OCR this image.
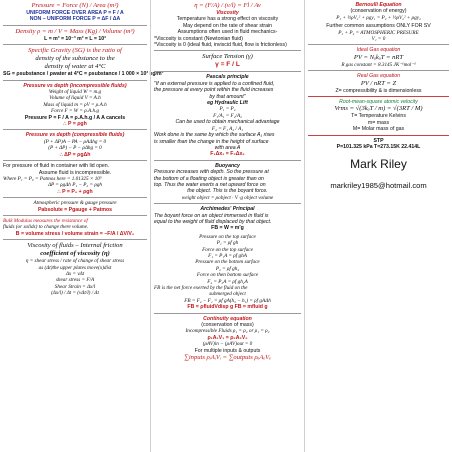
Pressure = Force (N) / Area (m²)
UNIFORM FORCE OVER AREA P = F / A
NON – UNIFORM FORCE P = ΔF / ΔA
Density ρ = m / V = Mass (Kg) / Volume (m³)
L = m³ = 10⁻³ m³ = L = 10³
Specific Gravity (SG) is the ratio of
density of the substance to the
density of water at 4°C
SG = ρsubstance / ρwater at 4°C = ρsubstance / 1 000 × 10³ kg/m³
Pressure vs depth (incompressible fluids)
Weight of liquid W = m.g
Volume of liquid V = A.h
Mass of liquid m = ρV = ρ.A.h
Force F = W = ρ.A.h.g
Pressure P = F / A = ρ.A.h.g / A A cancels
∴ P = ρgh
Pressure vs depth (compressible fluids)
(P + ΔP)A − PA − ρAΔhg = 0
(P + ΔP) − P − ρΔhg = 0
∴ ΔP = ρgΔh
For pressure of fluid in container with lid open.
Assume fluid is incompressible.
Where P₁ = P₀ = Patmos here = 1.01325 × 10⁵
ΔP = ρgΔh P₁ − P₂ = ρgh
∴ P = P₀ + ρgh
Atmospheric pressure & gauge pressure
Pabsolute = Pgauge + Patmos
Bulk Modulus measures the resistance of
fluids (or solids) to change there volume.
B = volume stress / volume strain = −F/A / ΔV/V₀
Viscosity of fluids – Internal friction
coefficient of viscosity (η)
η = shear stress / rate of change of shear stress
as (Δt)the upper plates move(x)dist
Δx = vΔt
shear stress = F/A
Shear Strain = Δx/l
(Δx/l) / Δt = (vΔt/l) / Δt
η = (F/A) / (v/l) = Fl / Av
Viscosity
Temperature has a strong effect on viscosity
May depend on the rate of shear strain
Assumptions often used in fluid mechanics-
*Viscosity is constant (Newtonian fluid)
*Viscosity is 0 (ideal fluid, inviscid fluid, flow is frictionless)
Surface Tension (γ)
γ = F / L
Pascals principle
"If an external pressure is applied to a confined fluid,
the pressure at every point within the fluid increases
by that amount"
eg Hydraulic Lift
P₁ = P₂
F₁/A₁ = F₂/A₂
Can be used to obtain mechanical advantage
F₂ = F₁ A₂ / A₁
Work done is the same by which the surface A₁ rises
is smaller than the change in the height of surface
with area A
F₁Δx₁ = F₂Δx₂
Buoyancy
Pressure increases with depth. So the pressure at
the bottom of a floating object is greater than on
top. Thus the water exerts a net upward force on
the object. This is the boyant force.
weight object = ρobject · V ·g object volume
Archimedes' Principal
The boyant force on an object immersed in fluid is
equal to the weight of fluid displaced by that object.
FB = W = m′g
Pressure on the top surface
P₁ = ρf gh
Force on the top surface
F₁ = P₁A = ρf ghA
Pressure on the bottom surface
P₂ = ρf gh₂
Force on then bottom surface
F₂ = P₂A = ρf gh₂A
FB is the net force exerted by the fluid on the
submerged object
FB = F₂ − F₁ = ρf gA(h₂ − h₁) = ρf gAΔh
FB = ρfluidVdisp g FB = mfluid g
Continuity equation
(conservation of mass)
Incompressible Fluids ρ₁ = ρ₂ or ρ₁ = ρ₂
ρ₁A₁V₁ = ρ₂A₂V₂
(ρAV)in − (ρAV)out = 0
For multiple inputs & outputs
∑inputs ρᵢAᵢVᵢ = ∑outputs ρₑAₑVₑ
Bernoulli Equation
(conservation of energy)
P₁ + ½ρV₁² + ρgy₁ = P₂ + ½ρV₂² + ρgy₂
Further common assumptions ONLY FOR SV
P₁ + P₂ = ATMOSPHERIC PRESURE
V₁ = 0
Ideal Gas equation
PV = NₐkₐT = nRT
R gas constant = 8.3145 JK⁻¹mol⁻¹
Real Gas equation
PV / nRT = Z
Z= compressibility & is dimensionless
Root-mean-square atomic velocity
Vrms = √(3kₐT / m) = √(3RT / M)
T= Temperature Kelvins
m= mass
M= Molar mass of gas
STP
P=101.325 kPa T=273.15K 22.414L
Mark Riley
markriley1985@hotmail.com
